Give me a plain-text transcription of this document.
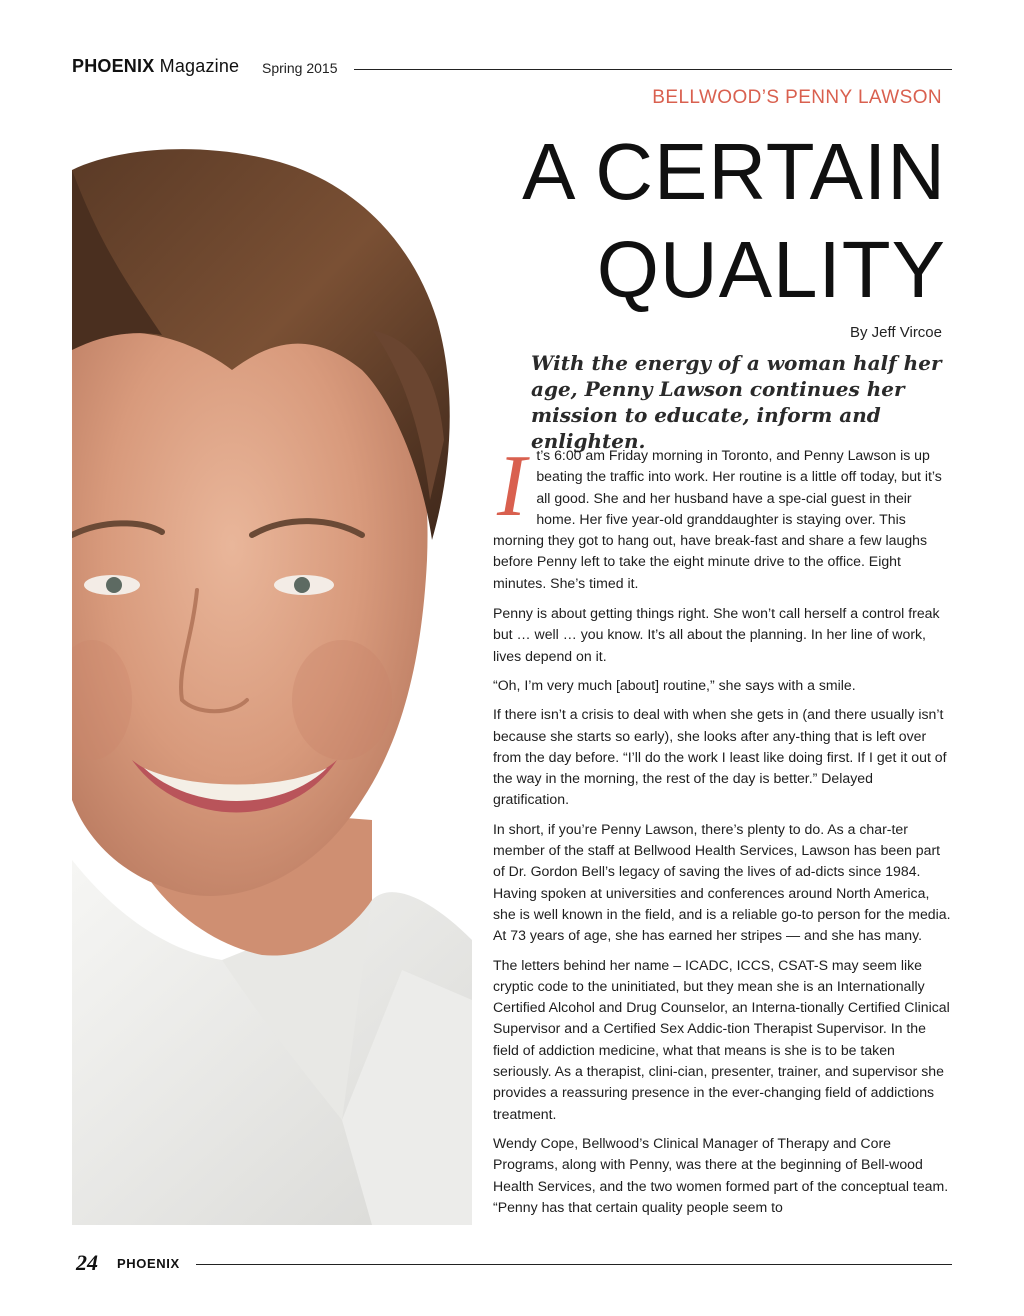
PHOENIX Magazine Spring 2015
BELLWOOD’S PENNY LAWSON
A CERTAIN
QUALITY
By Jeff Vircoe
With the energy of a woman half her age, Penny Lawson continues her mission to educate, inform and enlighten.

It’s 6:00 am Friday morning in Toronto, and Penny Lawson is up beating the traffic into work. Her routine is a little off today, but it’s all good. She and her husband have a spe-cial guest in their home. Her five year-old granddaughter is staying over. This morning they got to hang out, have break-fast and share a few laughs before Penny left to take the eight minute drive to the office. Eight minutes. She’s timed it.

Penny is about getting things right. She won’t call herself a control freak but … well … you know. It’s all about the planning. In her line of work, lives depend on it.

“Oh, I’m very much [about] routine,” she says with a smile.

If there isn’t a crisis to deal with when she gets in (and there usually isn’t because she starts so early), she looks after any-thing that is left over from the day before. “I’ll do the work I least like doing first. If I get it out of the way in the morning, the rest of the day is better.” Delayed gratification.

In short, if you’re Penny Lawson, there’s plenty to do. As a char-ter member of the staff at Bellwood Health Services, Lawson has been part of Dr. Gordon Bell’s legacy of saving the lives of ad-dicts since 1984. Having spoken at universities and conferences around North America, she is well known in the field, and is a reliable go-to person for the media. At 73 years of age, she has earned her stripes — and she has many.

The letters behind her name – ICADC, ICCS, CSAT-S may seem like cryptic code to the uninitiated, but they mean she is an Internationally Certified Alcohol and Drug Counselor, an Interna-tionally Certified Clinical Supervisor and a Certified Sex Addic-tion Therapist Supervisor. In the field of addiction medicine, what that means is she is to be taken seriously. As a therapist, clini-cian, presenter, trainer, and supervisor she provides a reassuring presence in the ever-changing field of addictions treatment.

Wendy Cope, Bellwood’s Clinical Manager of Therapy and Core Programs, along with Penny, was there at the beginning of Bell-wood Health Services, and the two women formed part of the conceptual team. “Penny has that certain quality people seem to

24 PHOENIX
